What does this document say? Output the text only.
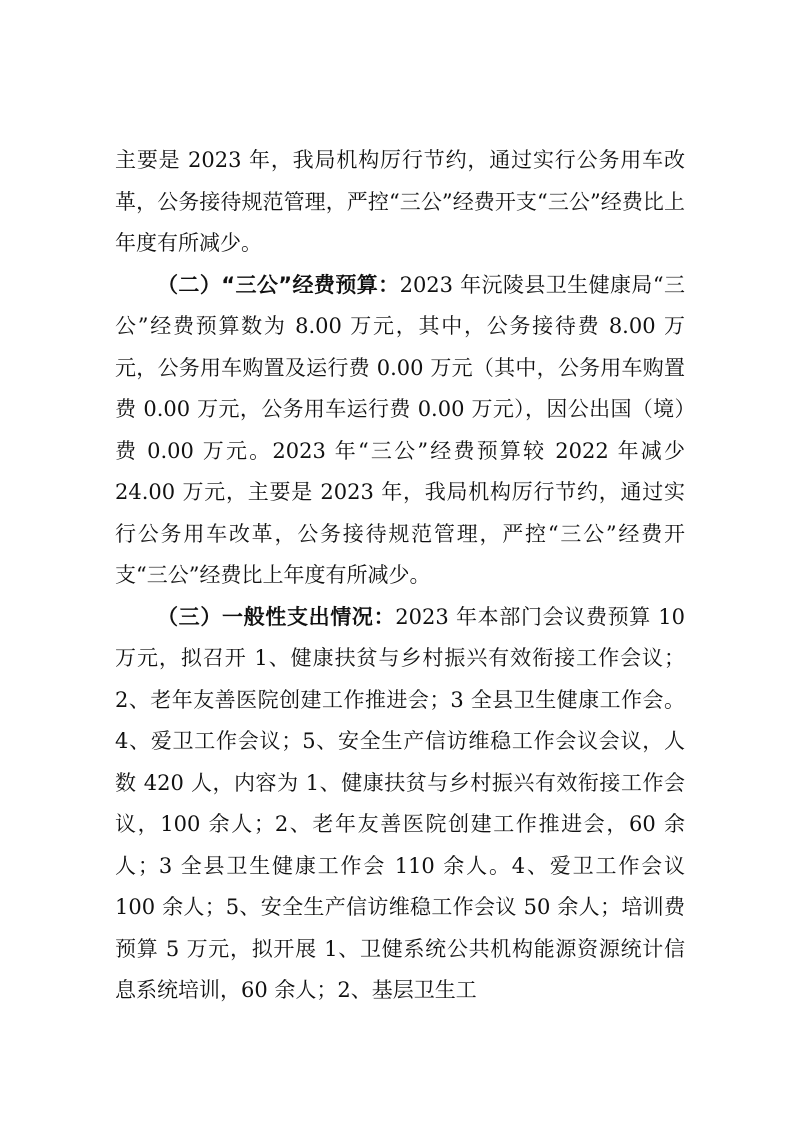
主要是 2023 年，我局机构厉行节约，通过实行公务用车改革，公务接待规范管理，严控“三公”经费开支“三公”经费比上年度有所减少。

（二）“三公”经费预算：2023 年沅陵县卫生健康局“三公”经费预算数为 8.00 万元，其中，公务接待费 8.00 万元，公务用车购置及运行费 0.00 万元（其中，公务用车购置费 0.00 万元，公务用车运行费 0.00 万元），因公出国（境）费 0.00 万元。2023 年“三公”经费预算较 2022 年减少 24.00 万元，主要是 2023 年，我局机构厉行节约，通过实行公务用车改革，公务接待规范管理，严控“三公”经费开支“三公”经费比上年度有所减少。

（三）一般性支出情况：2023 年本部门会议费预算 10 万元，拟召开 1、健康扶贫与乡村振兴有效衔接工作会议；2、老年友善医院创建工作推进会；3 全县卫生健康工作会。4、爱卫工作会议；5、安全生产信访维稳工作会议会议，人数 420 人，内容为 1、健康扶贫与乡村振兴有效衔接工作会议，100 余人；2、老年友善医院创建工作推进会，60 余人；3 全县卫生健康工作会 110 余人。4、爱卫工作会议 100 余人；5、安全生产信访维稳工作会议 50 余人；培训费预算 5 万元，拟开展 1、卫健系统公共机构能源资源统计信息系统培训，60 余人；2、基层卫生工
